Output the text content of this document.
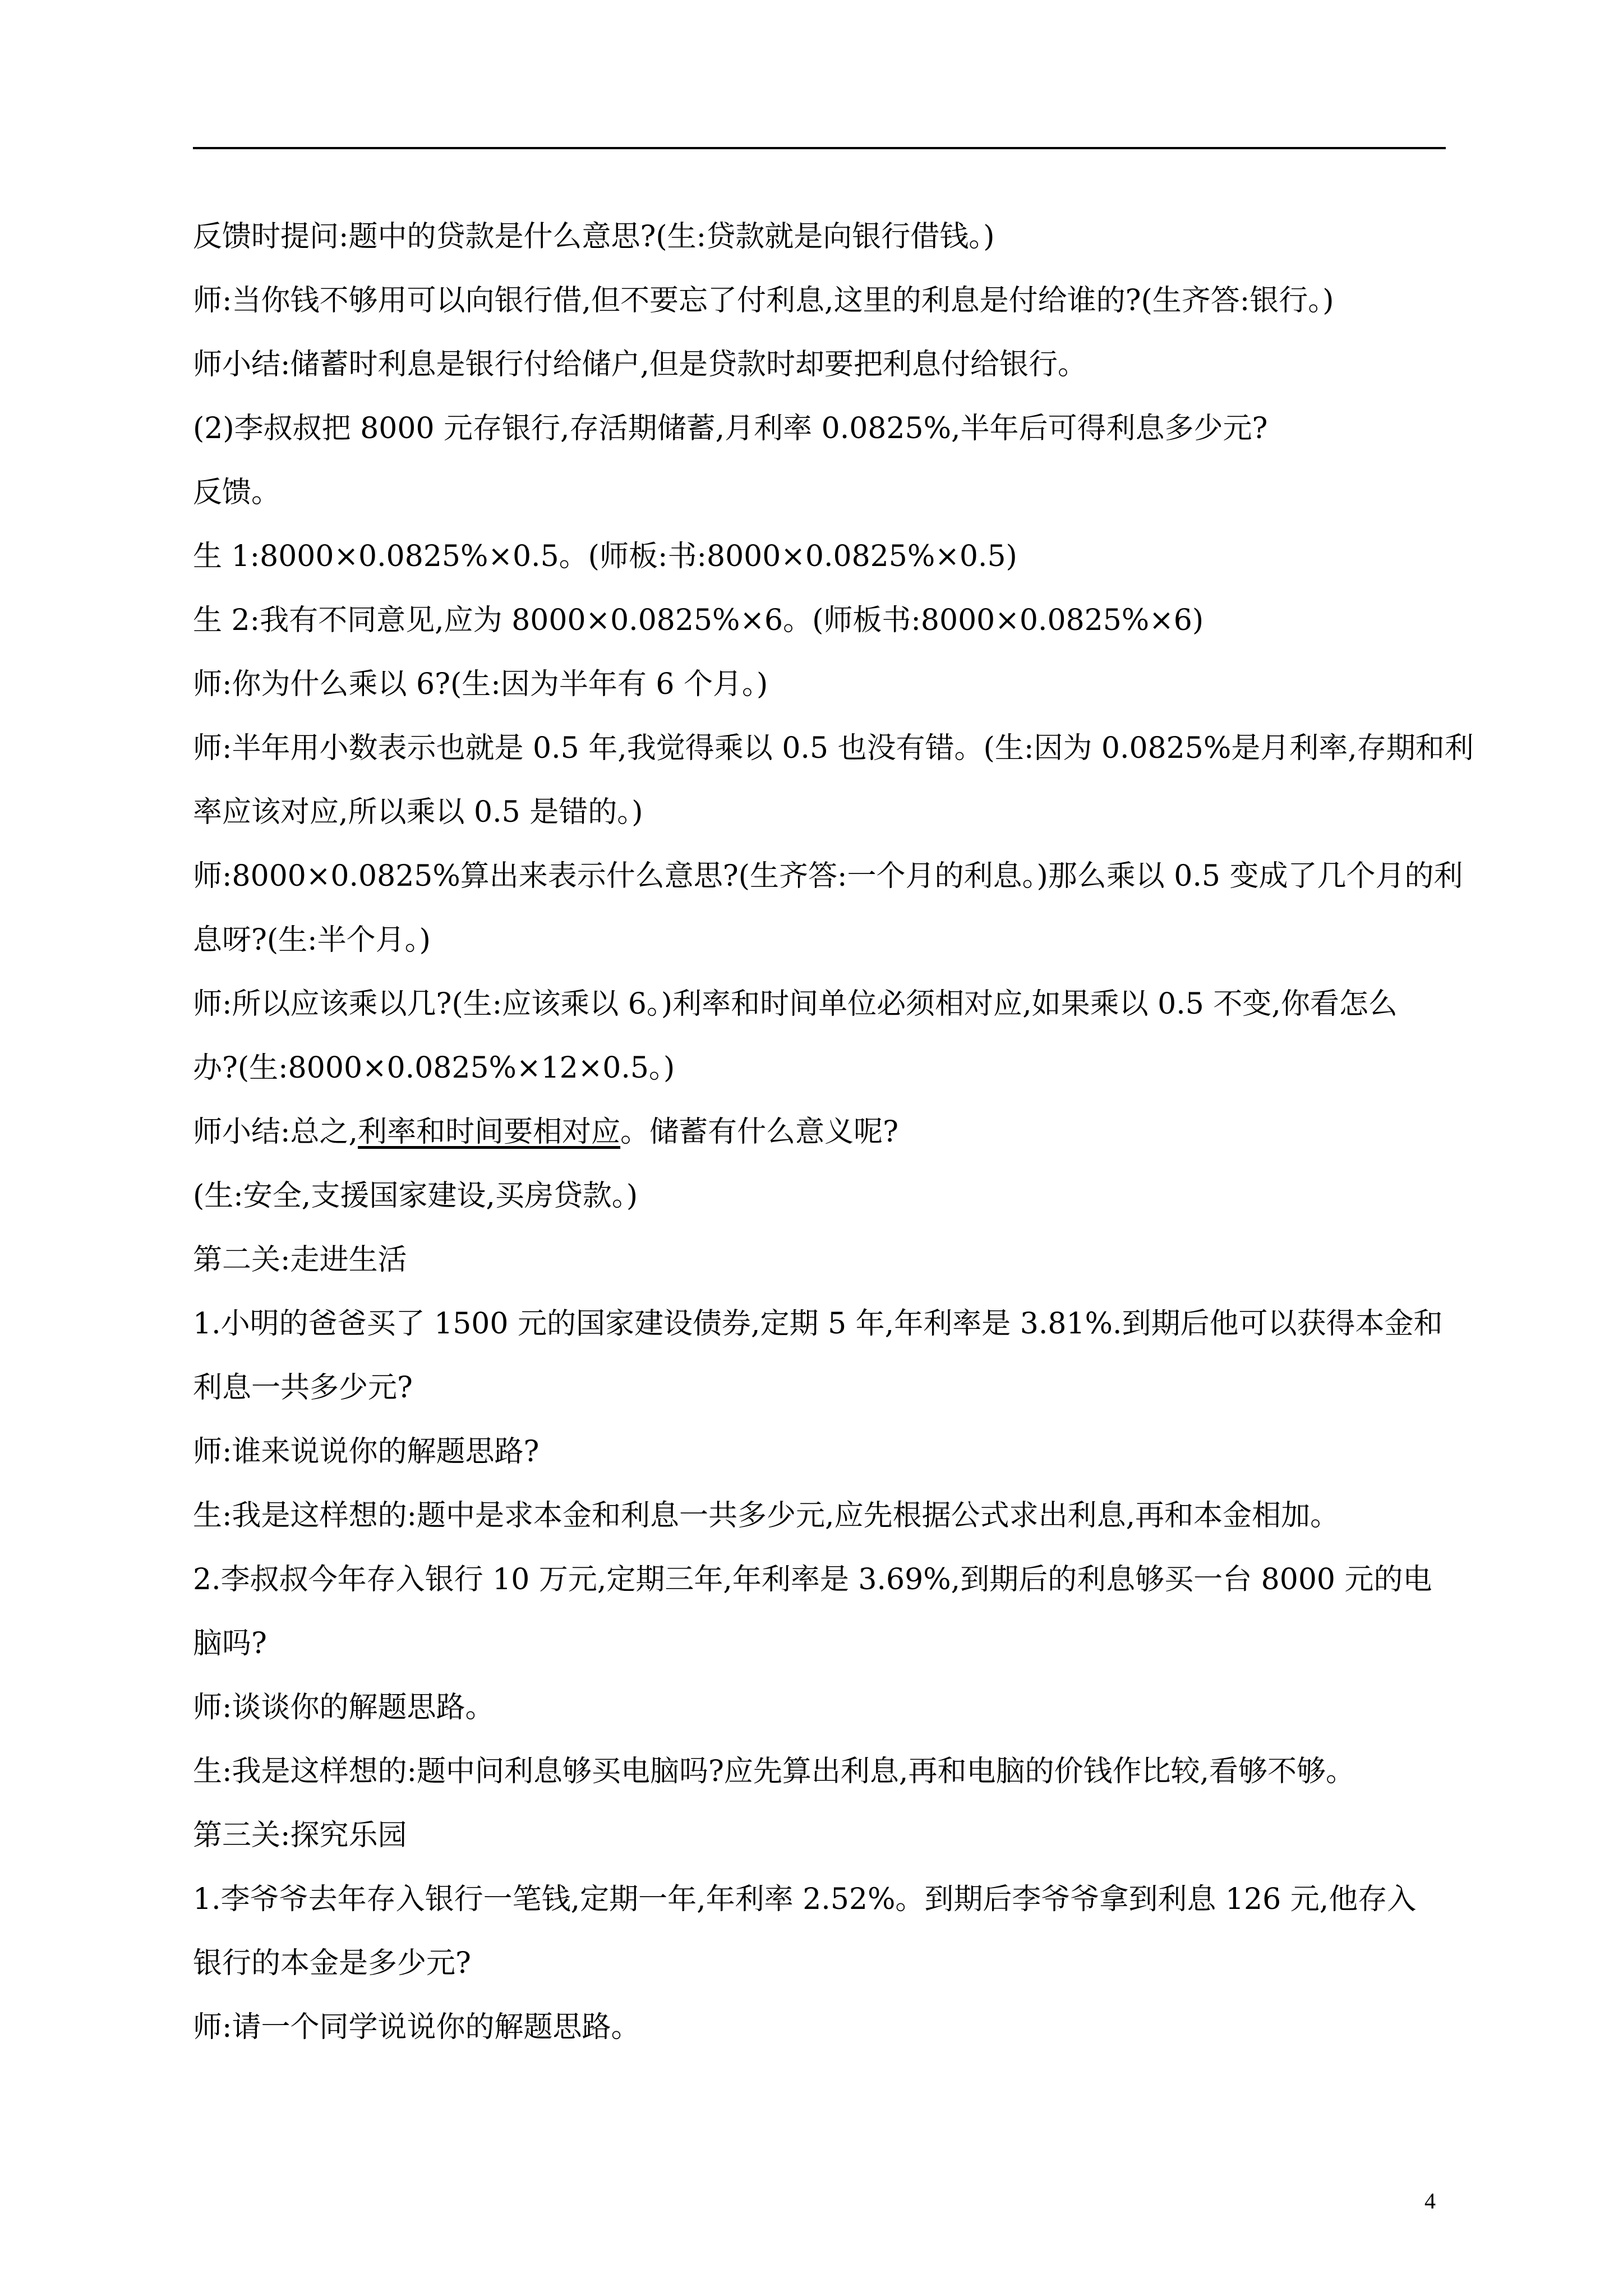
反馈时提问:题中的贷款是什么意思?(生:贷款就是向银行借钱。)

师:当你钱不够用可以向银行借,但不要忘了付利息,这里的利息是付给谁的?(生齐答:银行。)

师小结:储蓄时利息是银行付给储户,但是贷款时却要把利息付给银行。

(2)李叔叔把 8000 元存银行,存活期储蓄,月利率 0.0825%,半年后可得利息多少元?

反馈。

生 1:8000×0.0825%×0.5。(师板:书:8000×0.0825%×0.5)

生 2:我有不同意见,应为 8000×0.0825%×6。(师板书:8000×0.0825%×6)

师:你为什么乘以 6?(生:因为半年有 6 个月。)

师:半年用小数表示也就是 0.5 年,我觉得乘以 0.5 也没有错。(生:因为 0.0825%是月利率,存期和利

率应该对应,所以乘以 0.5 是错的。)

师:8000×0.0825%算出来表示什么意思?(生齐答:一个月的利息。)那么乘以 0.5 变成了几个月的利

息呀?(生:半个月。)

师:所以应该乘以几?(生:应该乘以 6。)利率和时间单位必须相对应,如果乘以 0.5 不变,你看怎么

办?(生:8000×0.0825%×12×0.5。)

师小结:总之,利率和时间要相对应。储蓄有什么意义呢?

(生:安全,支援国家建设,买房贷款。)

第二关:走进生活

1.小明的爸爸买了 1500 元的国家建设债券,定期 5 年,年利率是 3.81%.到期后他可以获得本金和

利息一共多少元?

师:谁来说说你的解题思路?

生:我是这样想的:题中是求本金和利息一共多少元,应先根据公式求出利息,再和本金相加。

2.李叔叔今年存入银行 10 万元,定期三年,年利率是 3.69%,到期后的利息够买一台 8000 元的电

脑吗?

师:谈谈你的解题思路。

生:我是这样想的:题中问利息够买电脑吗?应先算出利息,再和电脑的价钱作比较,看够不够。

第三关:探究乐园

1.李爷爷去年存入银行一笔钱,定期一年,年利率 2.52%。到期后李爷爷拿到利息 126 元,他存入

银行的本金是多少元?

师:请一个同学说说你的解题思路。

4
